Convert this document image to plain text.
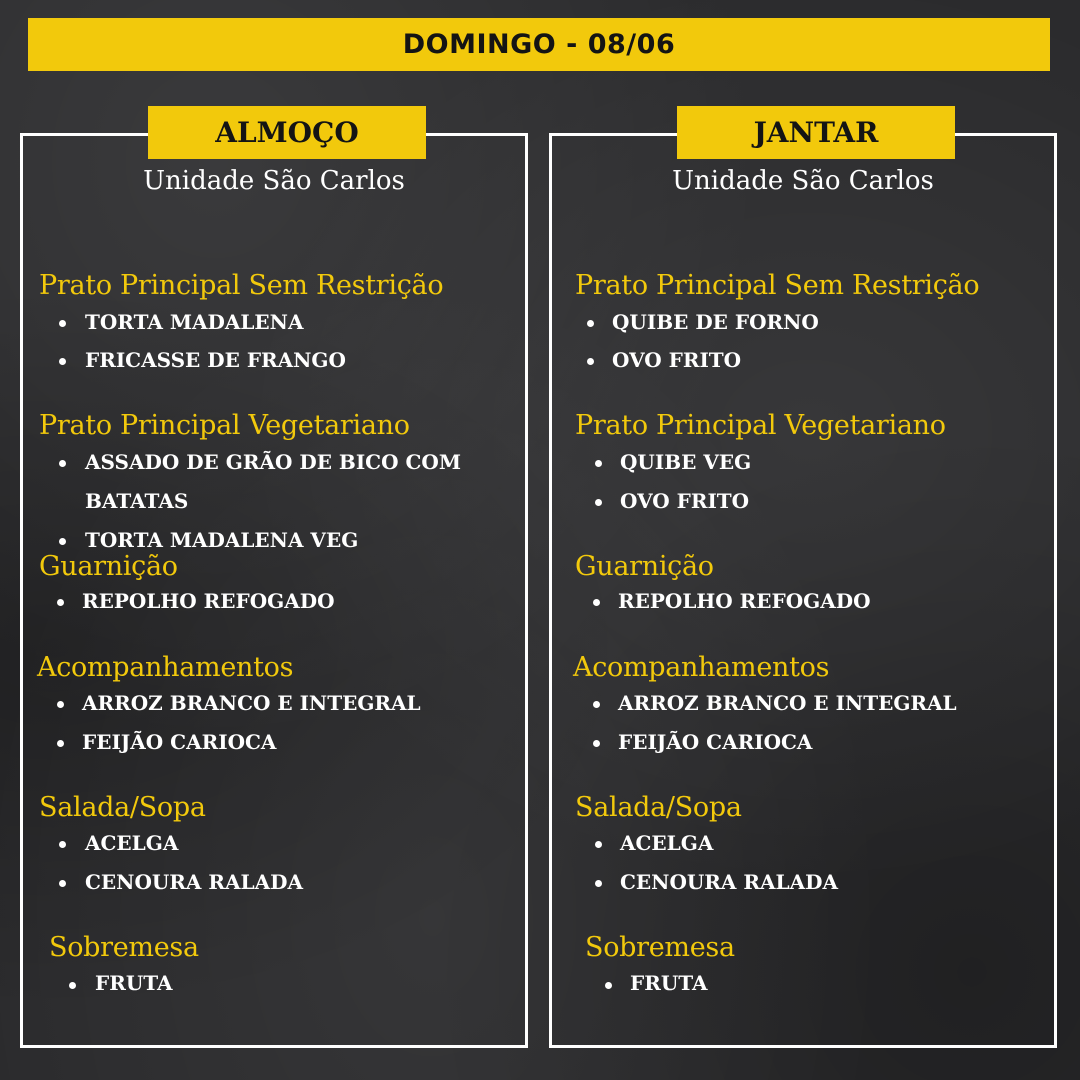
DOMINGO - 08/06
ALMOÇO	JANTAR
Unidade São Carlos	Unidade São Carlos
Prato Principal Sem Restrição
TORTA MADALENA
FRICASSE DE FRANGO
Prato Principal Vegetariano
ASSADO DE GRÃO DE BICO COM
BATATAS
TORTA MADALENA VEG
Guarnição
REPOLHO REFOGADO
Acompanhamentos
ARROZ BRANCO E INTEGRAL
FEIJÃO CARIOCA
Salada/Sopa
ACELGA
CENOURA RALADA
Sobremesa
FRUTA
Prato Principal Sem Restrição
QUIBE DE FORNO
OVO FRITO
Prato Principal Vegetariano
QUIBE VEG
OVO FRITO
Guarnição
REPOLHO REFOGADO
Acompanhamentos
ARROZ BRANCO E INTEGRAL
FEIJÃO CARIOCA
Salada/Sopa
ACELGA
CENOURA RALADA
Sobremesa
FRUTA
